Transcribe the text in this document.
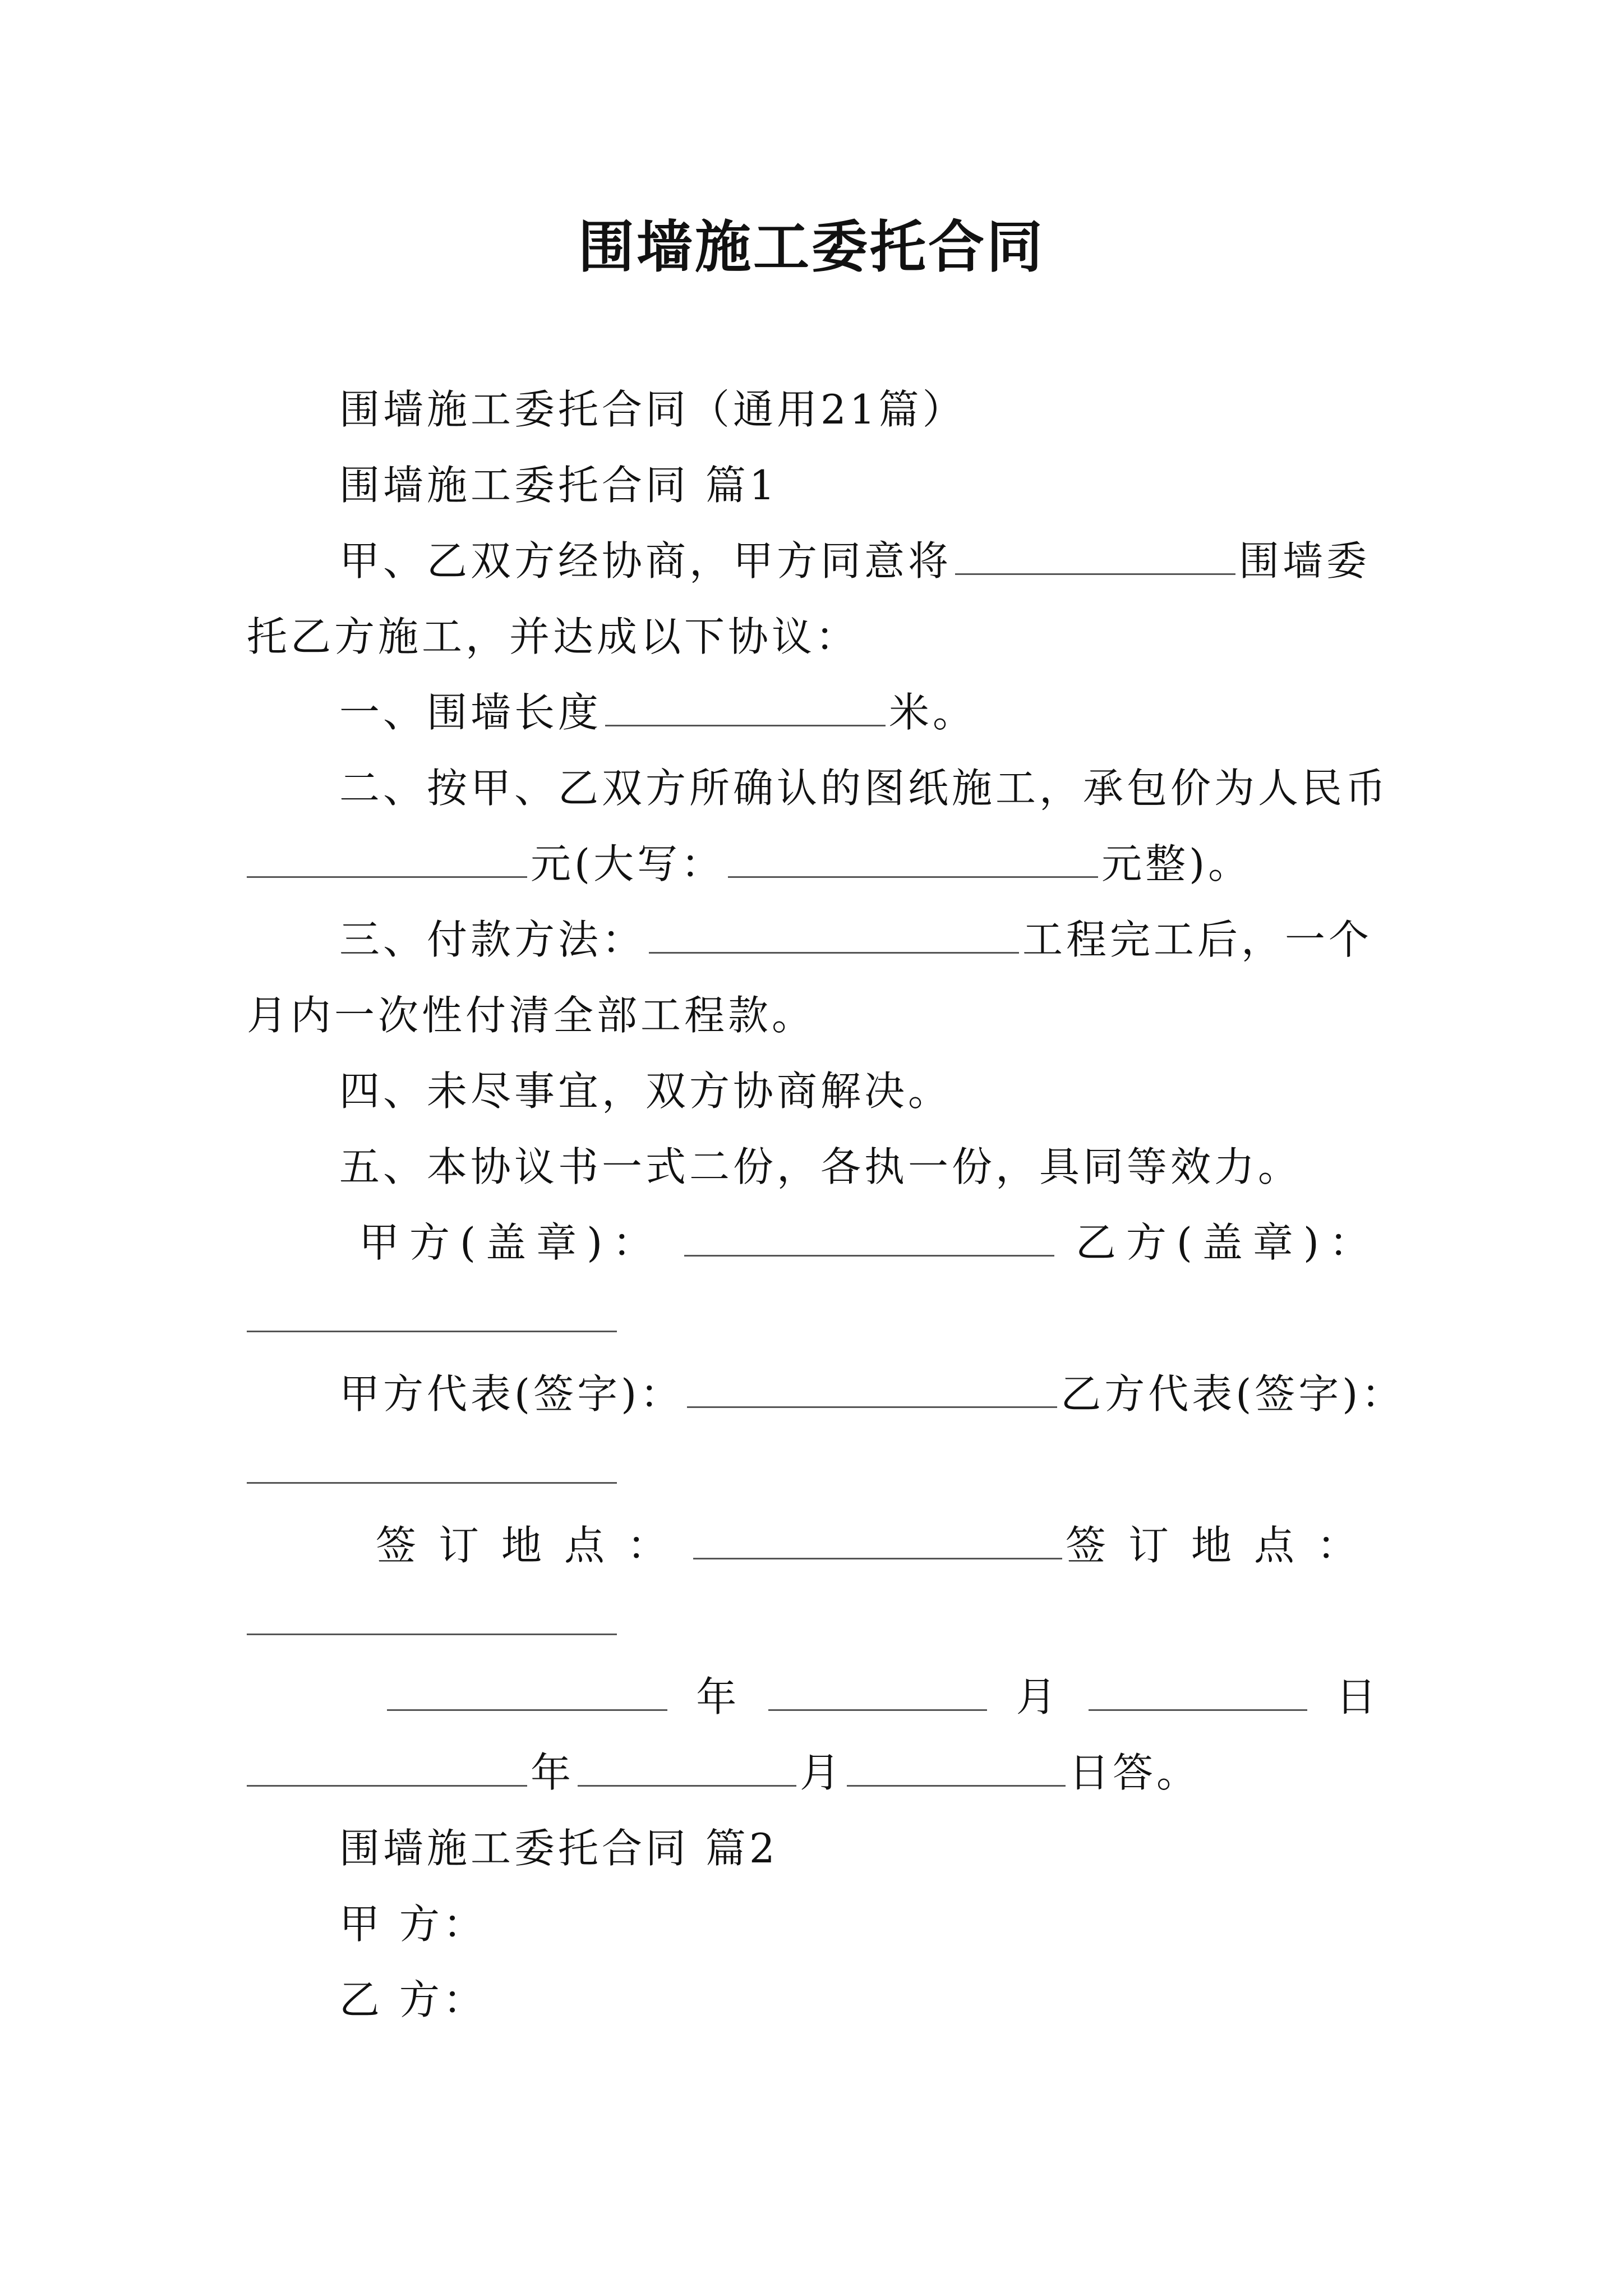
围墙施工委托合同
围墙施工委托合同（通用21篇）
围墙施工委托合同 篇1
甲、乙双方经协商，甲方同意将	围墙委
托乙方施工，并达成以下协议：
一、围墙长度	米。
二、按甲、乙双方所确认的图纸施工，承包价为人民币
元(大写：	元整)。
三、付款方法：	工程完工后，一个
月内一次性付清全部工程款。
四、未尽事宜，双方协商解决。
五、本协议书一式二份，各执一份，具同等效力。
甲方(盖章)：	乙方(盖章)：
甲方代表(签字)：	乙方代表(签字)：
签订地点：	签订地点：
年	月	日
年	月	日答。
围墙施工委托合同 篇2
甲 方：
乙 方：
